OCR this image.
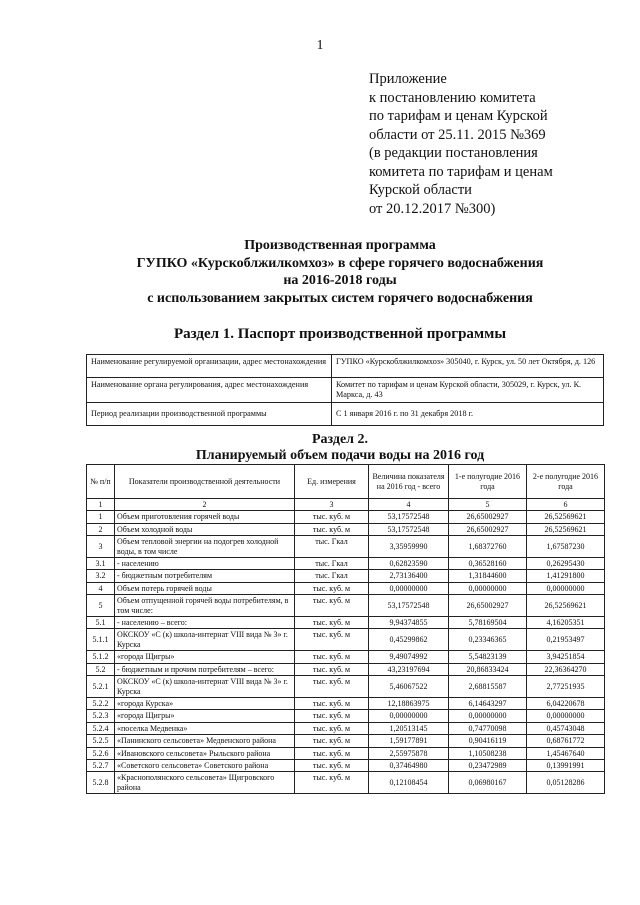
1
Приложение
к постановлению комитета
по тарифам и ценам Курской
области от 25.11. 2015 №369
(в редакции постановления
комитета по тарифам и ценам
Курской области
от 20.12.2017 №300)
Производственная программа
ГУПКО «Курскоблжилкомхоз» в сфере горячего водоснабжения
на 2016-2018 годы
с использованием закрытых систем горячего водоснабжения
Раздел 1. Паспорт производственной программы
Наименование регулируемой организации, адрес местонахождения	ГУПКО «Курскоблжилкомхоз» 305040, г. Курск, ул. 50 лет Октября, д. 126
Наименование органа регулирования, адрес местонахождения	Комитет по тарифам и ценам Курской области, 305029, г. Курск, ул. К. Маркса, д. 43
Период реализации производственной программы	С 1 января 2016 г. по 31 декабря 2018 г.
Раздел 2.
Планируемый объем подачи воды на 2016 год
№ п/п	Показатели производственной деятельности	Ед. измерения	Величина показателя на 2016 год - всего	1-е полугодие 2016 года	2-е полугодие 2016 года
1	2	3	4	5	6
1	Объем приготовления горячей воды	тыс. куб. м	53,17572548	26,65002927	26,52569621
2	Объем холодной воды	тыс. куб. м	53,17572548	26,65002927	26,52569621
3	Объем тепловой энергии на подогрев холодной воды, в том числе	тыс. Гкал	3,35959990	1,68372760	1,67587230
3.1	- населению	тыс. Гкал	0,62823590	0,36528160	0,26295430
3.2	- бюджетным потребителям	тыс. Гкал	2,73136400	1,31844600	1,41291800
4	Объем потерь горячей воды	тыс. куб. м	0,00000000	0,00000000	0,00000000
5	Объем отпущенной горячей воды потребителям, в том числе:	тыс. куб. м	53,17572548	26,65002927	26,52569621
5.1	- населению – всего:	тыс. куб. м	9,94374855	5,78169504	4,16205351
5.1.1	ОКСКОУ «С (к) школа-интернат VIII вида № 3» г. Курска	тыс. куб. м	0,45299862	0,23346365	0,21953497
5.1.2	«города Щигры»	тыс. куб. м	9,49074992	5,54823139	3,94251854
5.2	- бюджетным и прочим потребителям – всего:	тыс. куб. м	43,23197694	20,86833424	22,36364270
5.2.1	ОКСКОУ «С (к) школа-интернат VIII вида № 3» г. Курска	тыс. куб. м	5,46067522	2,68815587	2,77251935
5.2.2	«города Курска»	тыс. куб. м	12,18863975	6,14643297	6,04220678
5.2.3	«города Щигры»	тыс. куб. м	0,00000000	0,00000000	0,00000000
5.2.4	«поселка Медвенка»	тыс. куб. м	1,20513145	0,74770098	0,45743048
5.2.5	«Панинского сельсовета» Медвенского района	тыс. куб. м	1,59177891	0,90416119	0,68761772
5.2.6	«Ивановского сельсовета» Рыльского района	тыс. куб. м	2,55975878	1,10508238	1,45467640
5.2.7	«Советского сельсовета» Советского района	тыс. куб. м	0,37464980	0,23472989	0,13991991
5.2.8	«Краснополянского сельсовета» Щигровского района	тыс. куб. м	0,12108454	0,06980167	0,05128286
